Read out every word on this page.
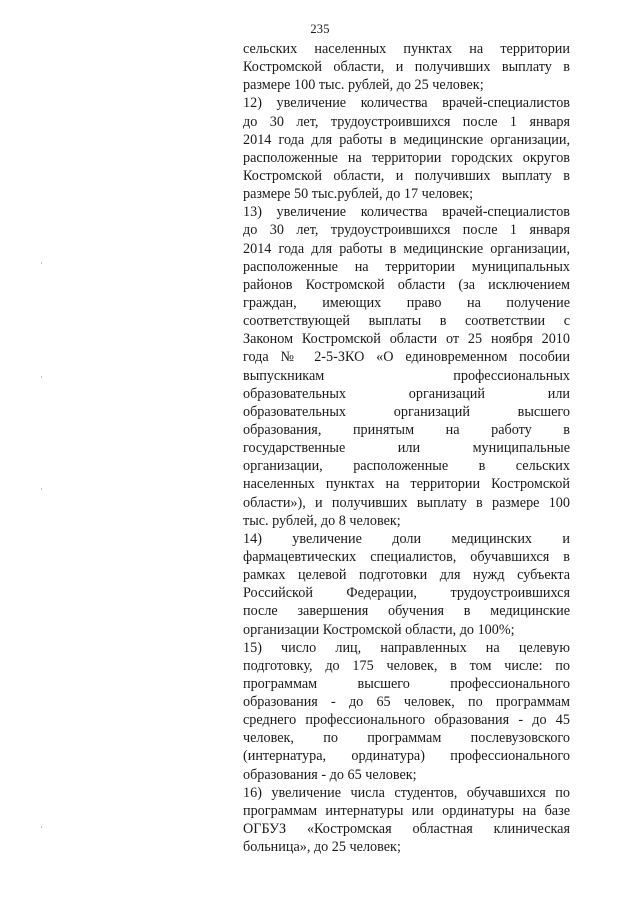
235
сельских населенных пунктах на территории
Костромской области, и получивших выплату в
размере 100 тыс. рублей, до 25 человек;
12) увеличение количества врачей-специалистов
до 30 лет, трудоустроившихся после 1 января
2014 года для работы в медицинские организации,
расположенные на территории городских округов
Костромской области, и получивших выплату в
размере 50 тыс.рублей, до 17 человек;
13) увеличение количества врачей-специалистов
до 30 лет, трудоустроившихся после 1 января
2014 года для работы в медицинские организации,
расположенные на территории муниципальных
районов Костромской области (за исключением
граждан, имеющих право на получение
соответствующей выплаты в соответствии с
Законом Костромской области от 25 ноября 2010
года № 2-5-ЗКО «О единовременном пособии
выпускникам профессиональных
образовательных организаций или
образовательных организаций высшего
образования, принятым на работу в
государственные или муниципальные
организации, расположенные в сельских
населенных пунктах на территории Костромской
области»), и получивших выплату в размере 100
тыс. рублей, до 8 человек;
14) увеличение доли медицинских и
фармацевтических специалистов, обучавшихся в
рамках целевой подготовки для нужд субъекта
Российской Федерации, трудоустроившихся
после завершения обучения в медицинские
организации Костромской области, до 100%;
15) число лиц, направленных на целевую
подготовку, до 175 человек, в том числе: по
программам высшего профессионального
образования - до 65 человек, по программам
среднего профессионального образования - до 45
человек, по программам послевузовского
(интернатура, ординатура) профессионального
образования - до 65 человек;
16) увеличение числа студентов, обучавшихся по
программам интернатуры или ординатуры на базе
ОГБУЗ «Костромская областная клиническая
больница», до 25 человек;
